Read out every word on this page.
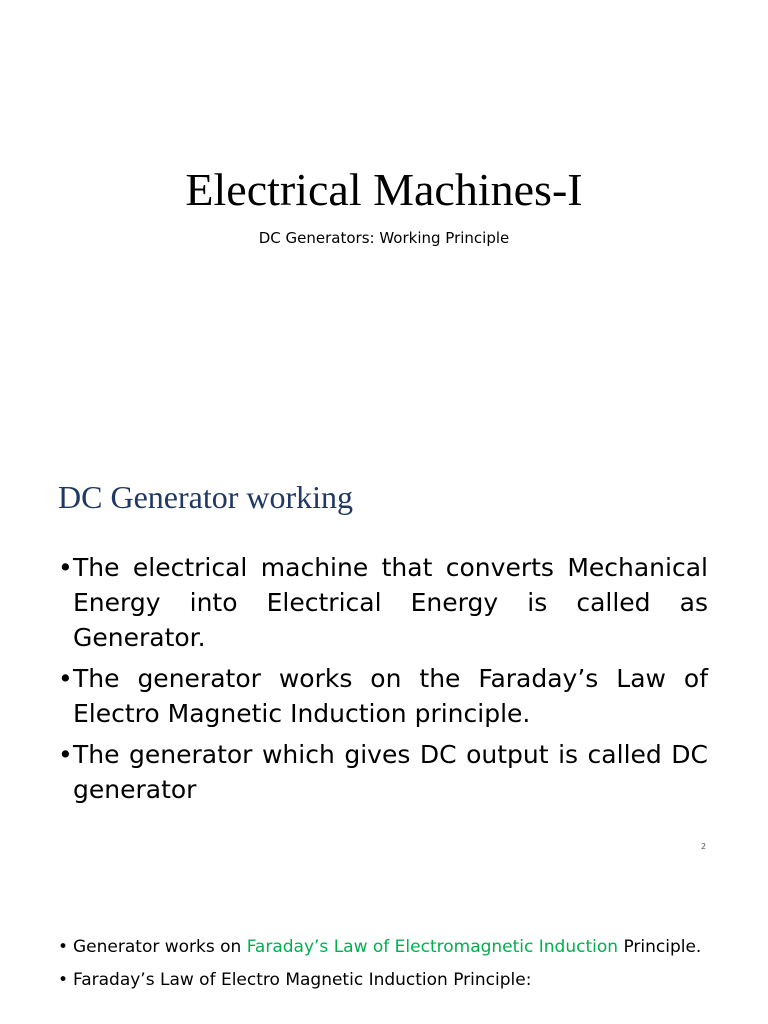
Electrical Machines-I
DC Generators: Working Principle
DC Generator working
• The electrical machine that converts Mechanical Energy into Electrical Energy is called as Generator.
• The generator works on the Faraday’s Law of Electro Magnetic Induction principle.
• The generator which gives DC output is called DC generator
2
• Generator works on Faraday’s Law of Electromagnetic Induction Principle.
• Faraday’s Law of Electro Magnetic Induction Principle:
